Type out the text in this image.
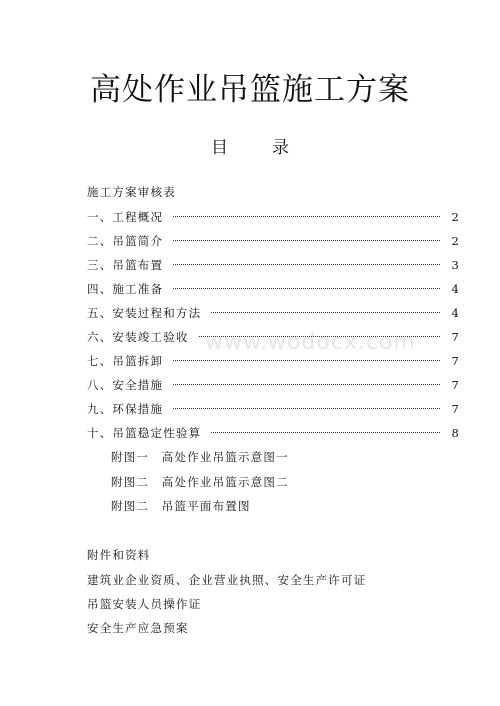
www.wodocx.com
高处作业吊篮施工方案
目录
施工方案审核表
一、工程概况	2
二、吊篮简介	2
三、吊篮布置	3
四、施工准备	4
五、安装过程和方法	4
六、安装竣工验收	7
七、吊篮拆卸	7
八、安全措施	7
九、环保措施	7
十、吊篮稳定性验算	8
附图一　高处作业吊篮示意图一
附图二　高处作业吊篮示意图二
附图二　吊篮平面布置图
附件和资料
建筑业企业资质、企业营业执照、安全生产许可证
吊篮安装人员操作证
安全生产应急预案
